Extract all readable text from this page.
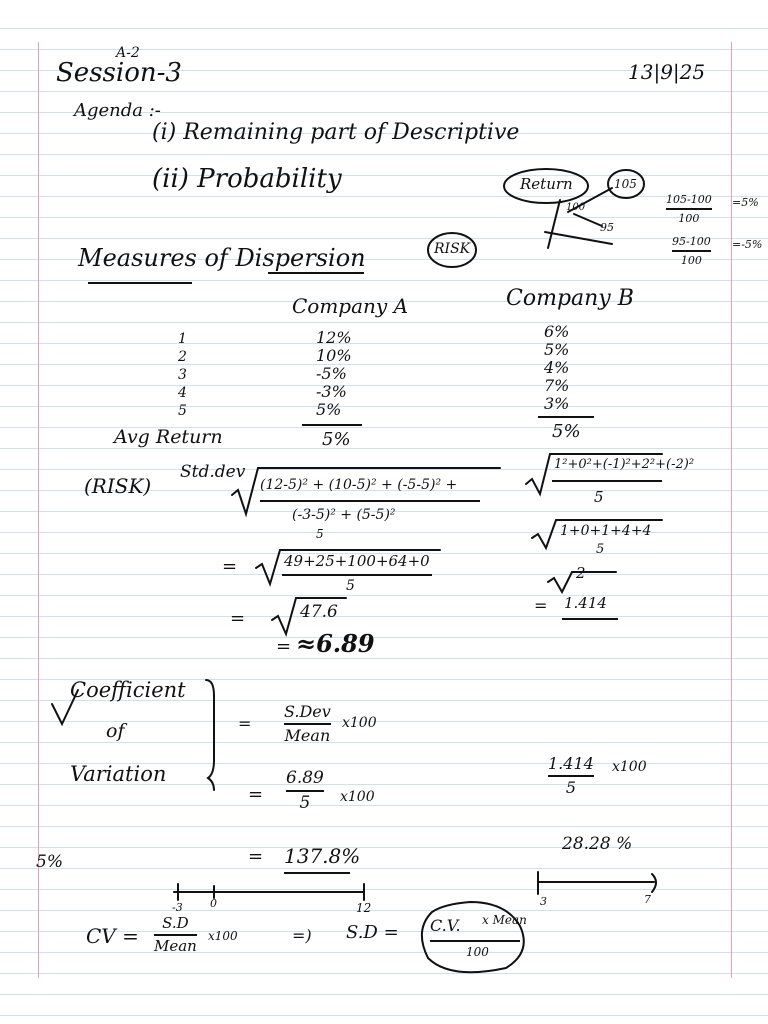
A-2
Session-3	13|9|25
Agenda :-
(i) Remaining part of Descriptive
(ii) Probability	Return	105
100
95
105-100
100
=5%
95-100
100
=-5%
Measures of Dispersion	RISK
Company A	Company B
1	12%	6%
2	10%	5%
3	-5%	4%
4	-3%	7%
5	5%	3%
Avg Return	5%	5%
(RISK)
Std.dev
(12-5)² + (10-5)² + (-5-5)² +
(-3-5)² + (5-5)²
5
=	49+25+100+64+0
5
=	47.6
= ≈6.89
1²+0²+(-1)²+2²+(-2)²
5
1+0+1+4+4
5
2
= 1.414
Coefficient
of
Variation
=
S.Dev
Mean
x100
=
6.89
5	x100
1.414
5
x100
5%	= 137.8%	28.28 %
-3 0	12	3	7
CV =
S.D
Mean
x100	=) S.D = C.V. x Mean
100
